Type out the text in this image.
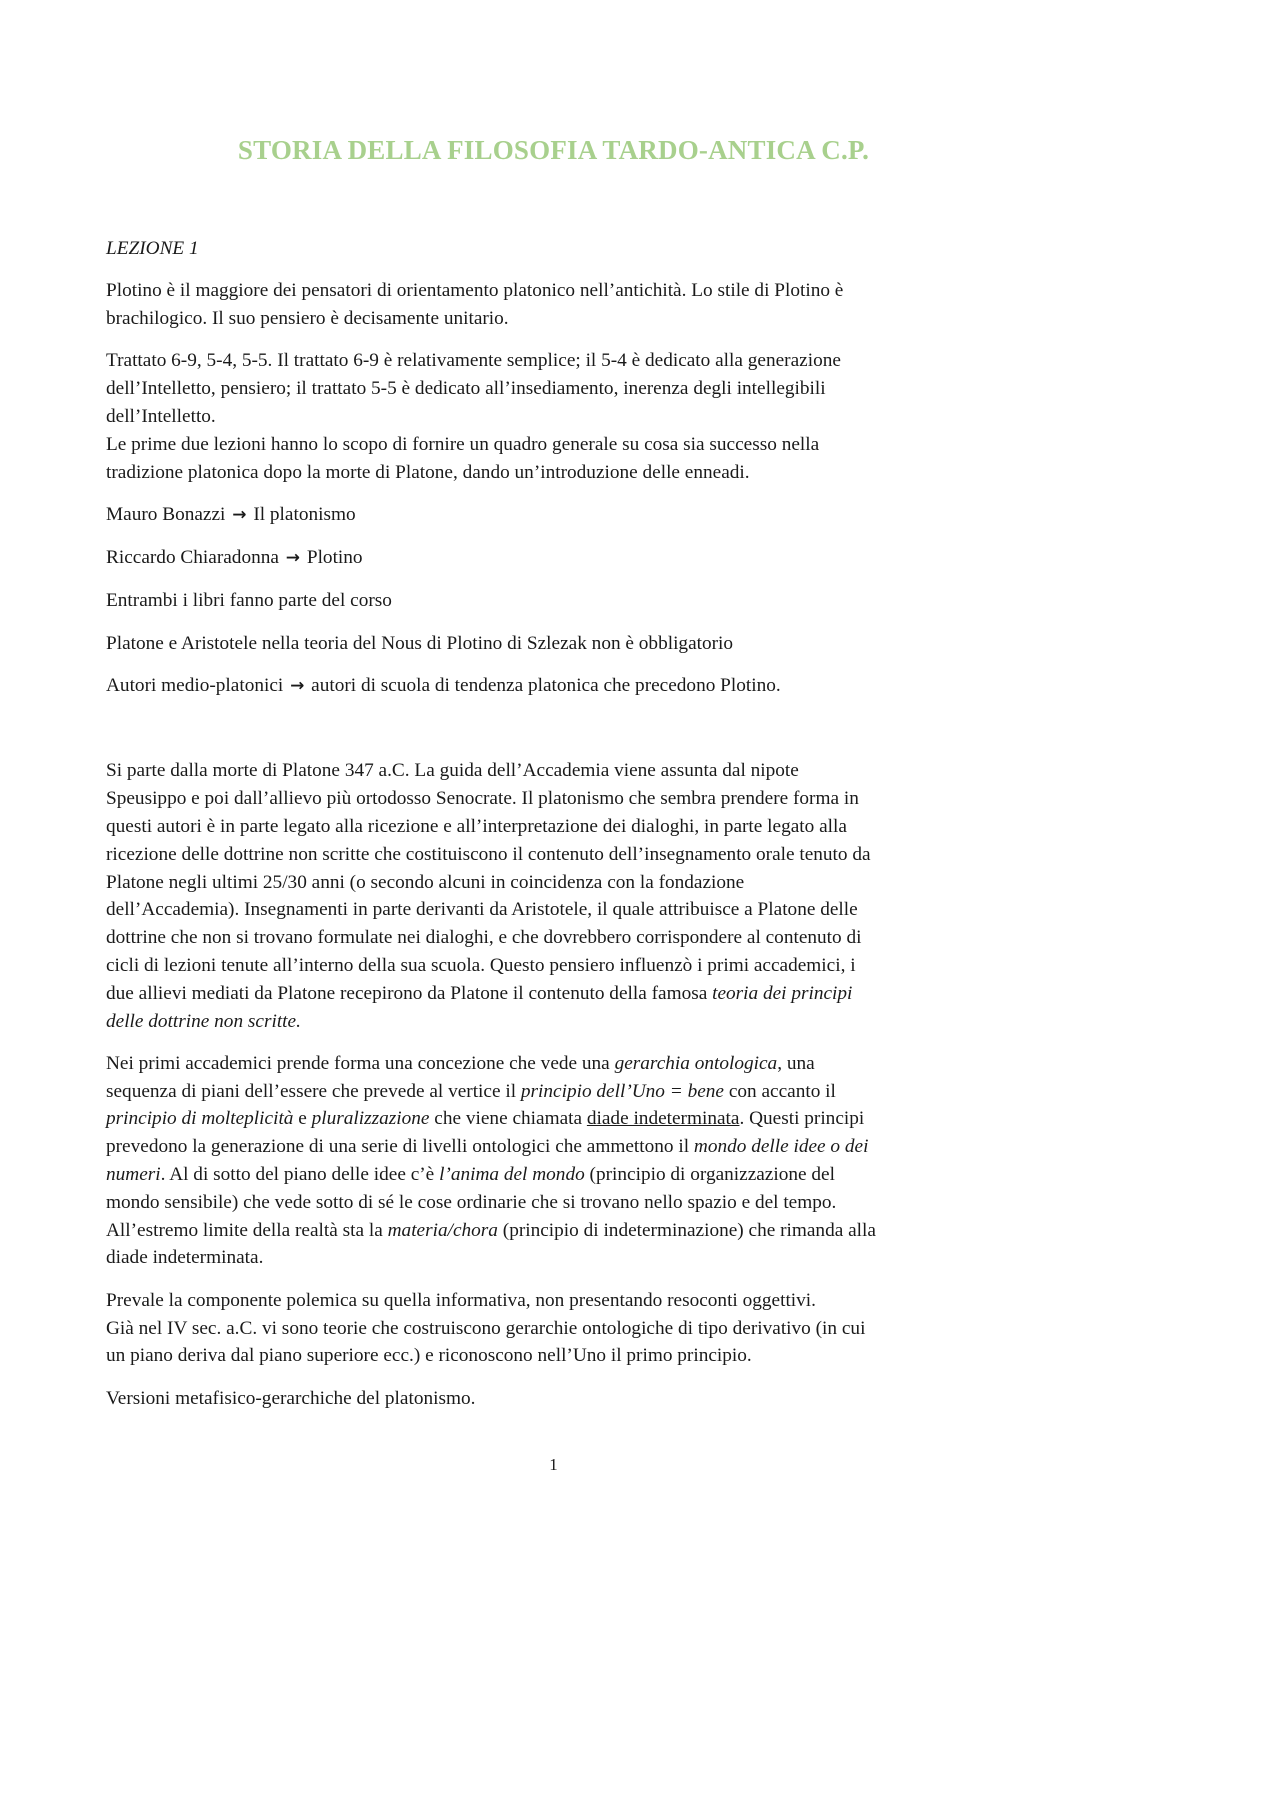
STORIA DELLA FILOSOFIA TARDO-ANTICA C.P.

LEZIONE 1

Plotino è il maggiore dei pensatori di orientamento platonico nell’antichità. Lo stile di Plotino è
brachilogico. Il suo pensiero è decisamente unitario.

Trattato 6-9, 5-4, 5-5. Il trattato 6-9 è relativamente semplice; il 5-4 è dedicato alla generazione
dell’Intelletto, pensiero; il trattato 5-5 è dedicato all’insediamento, inerenza degli intellegibili
dell’Intelletto.
Le prime due lezioni hanno lo scopo di fornire un quadro generale su cosa sia successo nella
tradizione platonica dopo la morte di Platone, dando un’introduzione delle enneadi.

Mauro Bonazzi → Il platonismo

Riccardo Chiaradonna → Plotino

Entrambi i libri fanno parte del corso

Platone e Aristotele nella teoria del Nous di Plotino di Szlezak non è obbligatorio

Autori medio-platonici → autori di scuola di tendenza platonica che precedono Plotino.

Si parte dalla morte di Platone 347 a.C. La guida dell’Accademia viene assunta dal nipote
Speusippo e poi dall’allievo più ortodosso Senocrate. Il platonismo che sembra prendere forma in
questi autori è in parte legato alla ricezione e all’interpretazione dei dialoghi, in parte legato alla
ricezione delle dottrine non scritte che costituiscono il contenuto dell’insegnamento orale tenuto da
Platone negli ultimi 25/30 anni (o secondo alcuni in coincidenza con la fondazione
dell’Accademia). Insegnamenti in parte derivanti da Aristotele, il quale attribuisce a Platone delle
dottrine che non si trovano formulate nei dialoghi, e che dovrebbero corrispondere al contenuto di
cicli di lezioni tenute all’interno della sua scuola. Questo pensiero influenzò i primi accademici, i
due allievi mediati da Platone recepirono da Platone il contenuto della famosa teoria dei principi
delle dottrine non scritte.

Nei primi accademici prende forma una concezione che vede una gerarchia ontologica, una
sequenza di piani dell’essere che prevede al vertice il principio dell’Uno = bene con accanto il
principio di molteplicità e pluralizzazione che viene chiamata diade indeterminata. Questi principi
prevedono la generazione di una serie di livelli ontologici che ammettono il mondo delle idee o dei
numeri. Al di sotto del piano delle idee c’è l’anima del mondo (principio di organizzazione del
mondo sensibile) che vede sotto di sé le cose ordinarie che si trovano nello spazio e del tempo.
All’estremo limite della realtà sta la materia/chora (principio di indeterminazione) che rimanda alla
diade indeterminata.

Prevale la componente polemica su quella informativa, non presentando resoconti oggettivi.
Già nel IV sec. a.C. vi sono teorie che costruiscono gerarchie ontologiche di tipo derivativo (in cui
un piano deriva dal piano superiore ecc.) e riconoscono nell’Uno il primo principio.

Versioni metafisico-gerarchiche del platonismo.

1
